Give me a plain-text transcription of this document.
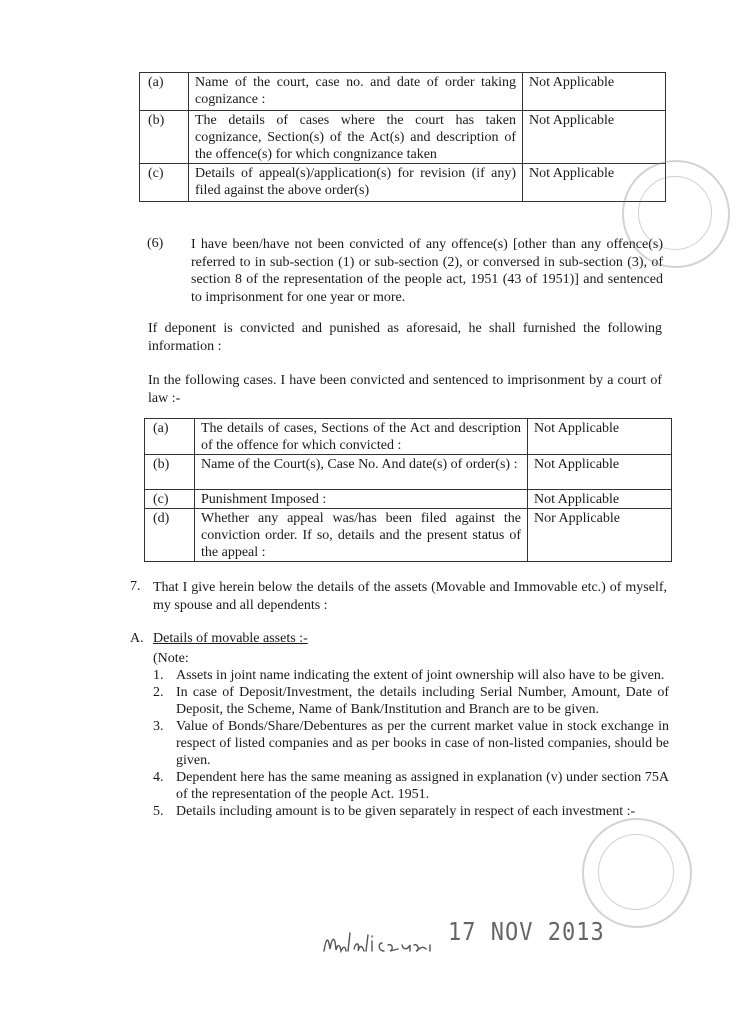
(a)	Name of the court, case no. and date of order taking cognizance :	Not Applicable
(b)	The details of cases where the court has taken cognizance, Section(s) of the Act(s) and description of the offence(s) for which congnizance taken	Not Applicable
(c)	Details of appeal(s)/application(s) for revision (if any) filed against the above order(s)	Not Applicable
(6) I have been/have not been convicted of any offence(s) [other than any offence(s) referred to in sub-section (1) or sub-section (2), or conversed in sub-section (3), of section 8 of the representation of the people act, 1951 (43 of 1951)] and sentenced to imprisonment for one year or more.
If deponent is convicted and punished as aforesaid, he shall furnished the following information :
In the following cases. I have been convicted and sentenced to imprisonment by a court of law :-
(a)	The details of cases, Sections of the Act and description of the offence for which convicted :	Not Applicable
(b)	Name of the Court(s), Case No. And date(s) of order(s) :	Not Applicable
(c)	Punishment Imposed :	Not Applicable
(d)	Whether any appeal was/has been filed against the conviction order. If so, details and the present status of the appeal :	Nor Applicable
7. That I give herein below the details of the assets (Movable and Immovable etc.) of myself, my spouse and all dependents :
A. Details of movable assets :-
(Note:
1. Assets in joint name indicating the extent of joint ownership will also have to be given.
2. In case of Deposit/Investment, the details including Serial Number, Amount, Date of Deposit, the Scheme, Name of Bank/Institution and Branch are to be given.
3. Value of Bonds/Share/Debentures as per the current market value in stock exchange in respect of listed companies and as per books in case of non-listed companies, should be given.
4. Dependent here has the same meaning as assigned in explanation (v) under section 75A of the representation of the people Act. 1951.
5. Details including amount is to be given separately in respect of each investment :-
17 NOV 2013
